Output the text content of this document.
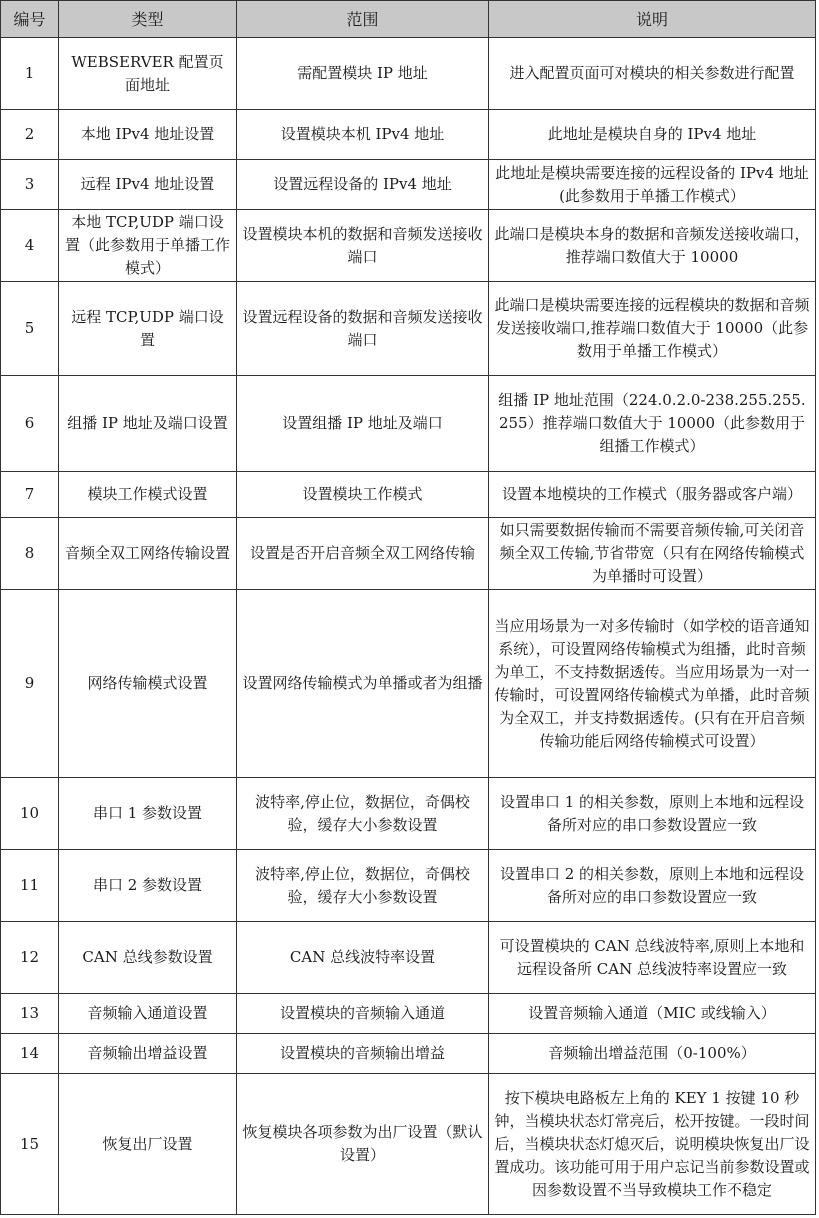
编号	类型	范围	说明
1	WEBSERVER 配置页面地址	需配置模块 IP 地址	进入配置页面可对模块的相关参数进行配置
2	本地 IPv4 地址设置	设置模块本机 IPv4 地址	此地址是模块自身的 IPv4 地址
3	远程 IPv4 地址设置	设置远程设备的 IPv4 地址	此地址是模块需要连接的远程设备的 IPv4 地址(此参数用于单播工作模式）
4	本地 TCP,UDP 端口设置（此参数用于单播工作模式）	设置模块本机的数据和音频发送接收端口	此端口是模块本身的数据和音频发送接收端口，推荐端口数值大于 10000
5	远程 TCP,UDP 端口设置	设置远程设备的数据和音频发送接收端口	此端口是模块需要连接的远程模块的数据和音频发送接收端口,推荐端口数值大于 10000（此参数用于单播工作模式）
6	组播 IP 地址及端口设置	设置组播 IP 地址及端口	组播 IP 地址范围（224.0.2.0-238.255.255.255）推荐端口数值大于 10000（此参数用于组播工作模式）
7	模块工作模式设置	设置模块工作模式	设置本地模块的工作模式（服务器或客户端）
8	音频全双工网络传输设置	设置是否开启音频全双工网络传输	如只需要数据传输而不需要音频传输,可关闭音频全双工传输,节省带宽（只有在网络传输模式为单播时可设置）
9	网络传输模式设置	设置网络传输模式为单播或者为组播	当应用场景为一对多传输时（如学校的语音通知系统），可设置网络传输模式为组播，此时音频为单工，不支持数据透传。当应用场景为一对一传输时，可设置网络传输模式为单播，此时音频为全双工，并支持数据透传。(只有在开启音频传输功能后网络传输模式可设置）
10	串口 1 参数设置	波特率,停止位，数据位，奇偶校验，缓存大小参数设置	设置串口 1 的相关参数，原则上本地和远程设备所对应的串口参数设置应一致
11	串口 2 参数设置	波特率,停止位，数据位，奇偶校验，缓存大小参数设置	设置串口 2 的相关参数，原则上本地和远程设备所对应的串口参数设置应一致
12	CAN 总线参数设置	CAN 总线波特率设置	可设置模块的 CAN 总线波特率,原则上本地和远程设备所 CAN 总线波特率设置应一致
13	音频输入通道设置	设置模块的音频输入通道	设置音频输入通道（MIC 或线输入）
14	音频输出增益设置	设置模块的音频输出增益	音频输出增益范围（0-100%）
15	恢复出厂设置	恢复模块各项参数为出厂设置（默认设置）	按下模块电路板左上角的 KEY 1 按键 10 秒钟，当模块状态灯常亮后，松开按键。一段时间后，当模块状态灯熄灭后，说明模块恢复出厂设置成功。该功能可用于用户忘记当前参数设置或因参数设置不当导致模块工作不稳定
